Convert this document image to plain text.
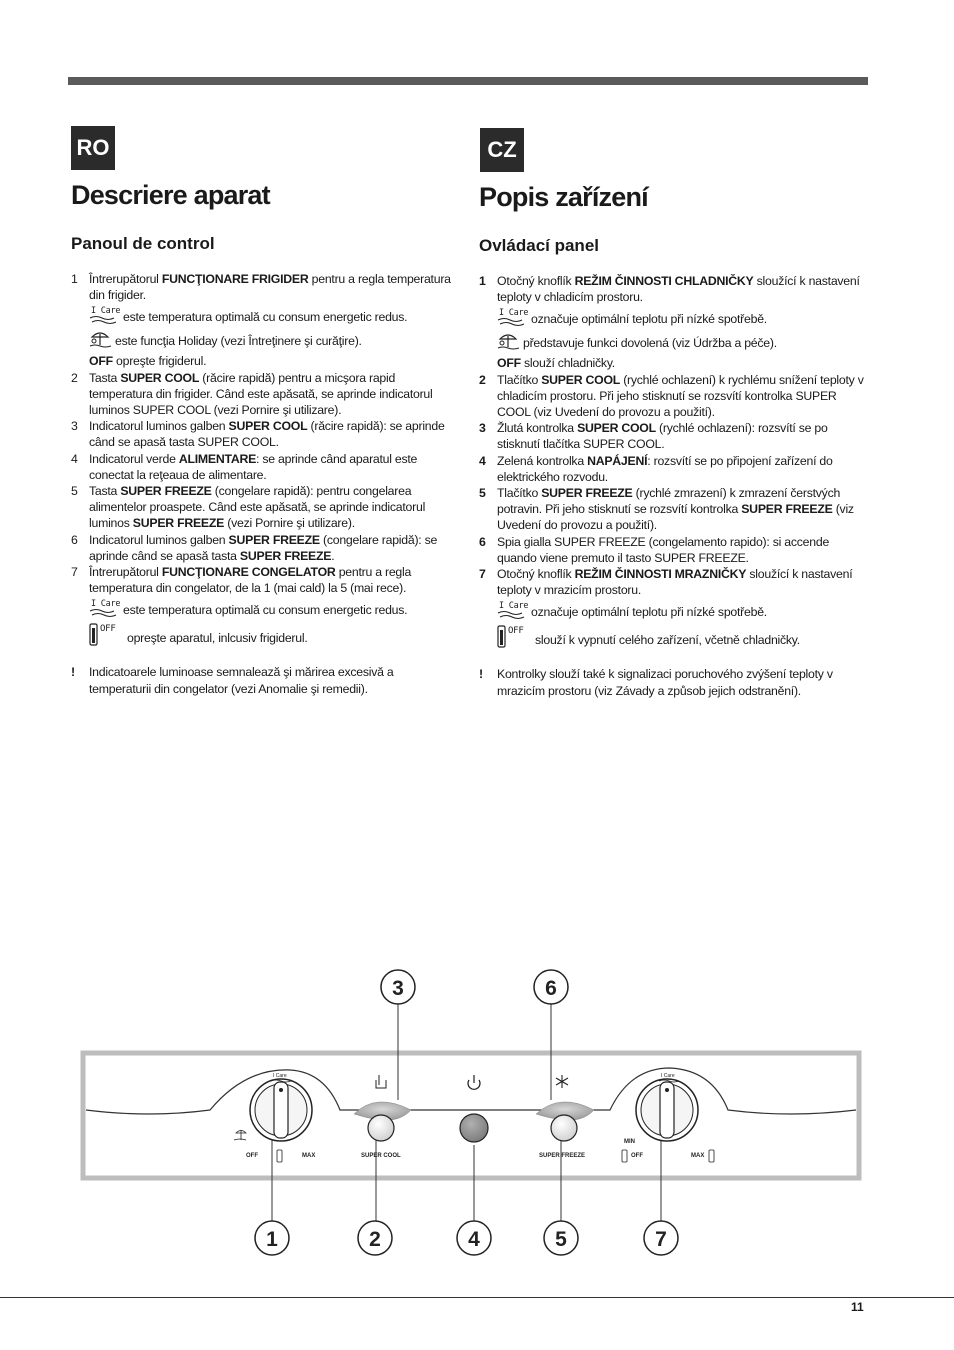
RO
Descriere aparat
Panoul de control
1 Întrerupătorul FUNCŢIONARE FRIGIDER pentru a regla temperatura din frigider.
I Care este temperatura optimală cu consum energetic redus.
este funcţia Holiday (vezi Întreţinere şi curăţire).
OFF opreşte frigiderul.
2 Tasta SUPER COOL (răcire rapidă) pentru a micşora rapid temperatura din frigider. Când este apăsată, se aprinde indicatorul luminos SUPER COOL (vezi Pornire şi utilizare).
3 Indicatorul luminos galben SUPER COOL (răcire rapidă): se aprinde când se apasă tasta SUPER COOL.
4 Indicatorul verde ALIMENTARE: se aprinde când aparatul este conectat la reţeaua de alimentare.
5 Tasta SUPER FREEZE (congelare rapidă): pentru congelarea alimentelor proaspete. Când este apăsată, se aprinde indicatorul luminos SUPER FREEZE (vezi Pornire şi utilizare).
6 Indicatorul luminos galben SUPER FREEZE (congelare rapidă): se aprinde când se apasă tasta SUPER FREEZE.
7 Întrerupătorul FUNCŢIONARE CONGELATOR pentru a regla temperatura din congelator, de la 1 (mai cald) la 5 (mai rece).
I Care este temperatura optimală cu consum energetic redus.
OFF
opreşte aparatul, inlcusiv frigiderul.
!	Indicatoarele luminoase semnalează şi mărirea excesivă a temperaturii din congelator (vezi Anomalie şi remedii).
CZ
Popis zařízení
Ovládací panel
1 Otočný knoflík REŽIM ČINNOSTI CHLADNIČKY sloužící k nastavení teploty v chladicím prostoru.
I Care označuje optimální teplotu při nízké spotřebě.
představuje funkci dovolená (viz Údržba a péče).
OFF slouží chladničky.
2 Tlačítko SUPER COOL (rychlé ochlazení) k rychlému snížení teploty v chladicím prostoru. Při jeho stisknutí se rozsvítí kontrolka SUPER COOL (viz Uvedení do provozu a použití).
3 Žlutá kontrolka SUPER COOL (rychlé ochlazení): rozsvítí se po stisknutí tlačítka SUPER COOL.
4 Zelená kontrolka NAPÁJENÍ: rozsvítí se po připojení zařízení do elektrického rozvodu.
5 Tlačítko SUPER FREEZE (rychlé zmrazení) k zmrazení čerstvých potravin. Při jeho stisknutí se rozsvítí kontrolka SUPER FREEZE (viz Uvedení do provozu a použití).
6 Spia gialla SUPER FREEZE (congelamento rapido): si accende quando viene premuto il tasto SUPER FREEZE.
7 Otočný knoflík REŽIM ČINNOSTI MRAZNIČKY sloužící k nastavení teploty v mrazicím prostoru.
I Care označuje optimální teplotu při nízké spotřebě.
OFF
slouží k vypnutí celého zařízení, včetně chladničky.
!	Kontrolky slouží také k signalizaci poruchového zvýšení teploty v mrazicím prostoru (viz Závady a způsob jejich odstranění).
I Care
OFF	MAX	SUPER COOL	SUPER FREEZE
I Care
MIN
OFF	MAX
3	6
1	2	4	5	7
11
